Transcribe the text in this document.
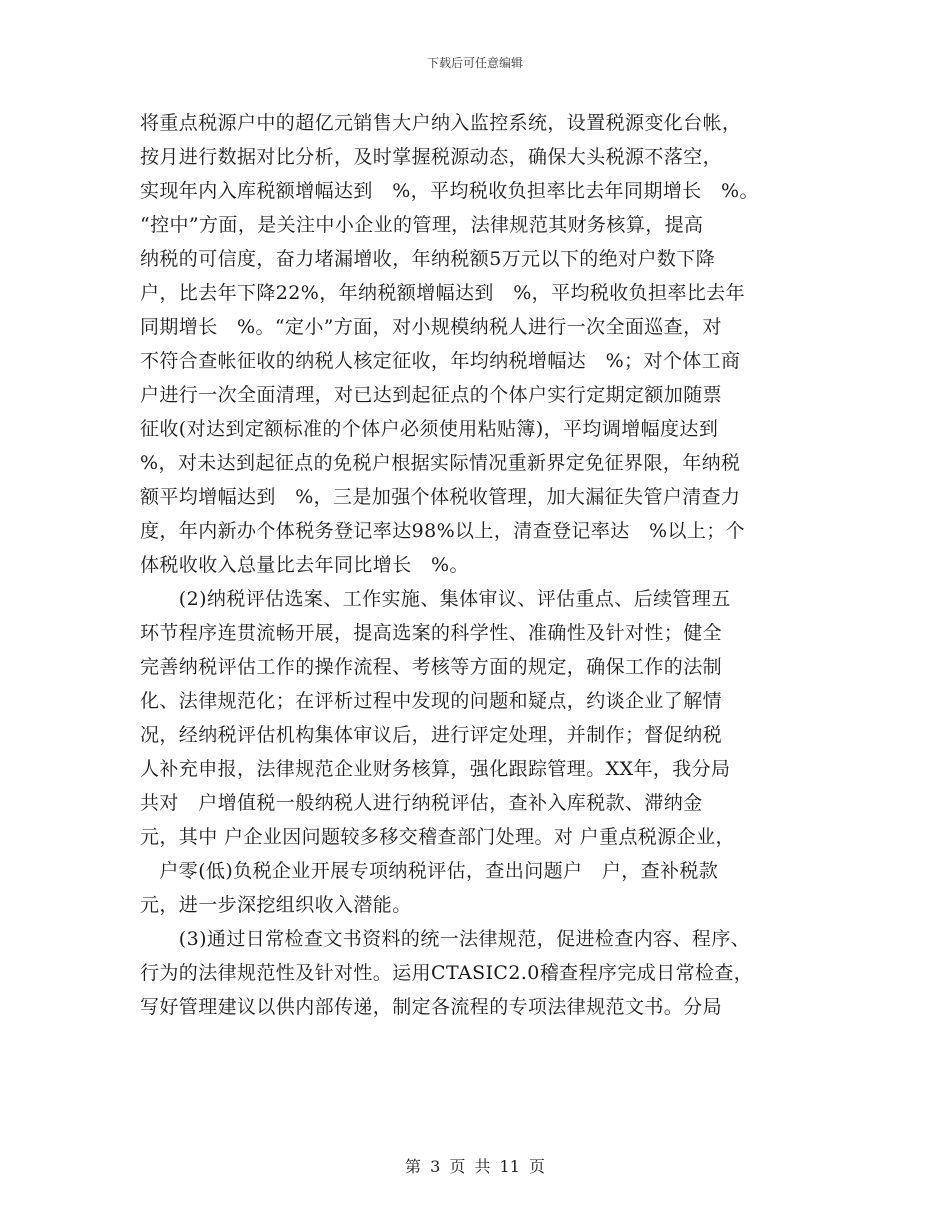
下载后可任意编辑
将重点税源户中的超亿元销售大户纳入监控系统，设置税源变化台帐，
按月进行数据对比分析，及时掌握税源动态，确保大头税源不落空，
实现年内入库税额增幅达到　%，平均税收负担率比去年同期增长　%。
“控中”方面，是关注中小企业的管理，法律规范其财务核算，提高
纳税的可信度，奋力堵漏增收，年纳税额5万元以下的绝对户数下降
户，比去年下降22%，年纳税额增幅达到　%，平均税收负担率比去年
同期增长　%。“定小”方面，对小规模纳税人进行一次全面巡查，对
不符合查帐征收的纳税人核定征收，年均纳税增幅达　%；对个体工商
户进行一次全面清理，对已达到起征点的个体户实行定期定额加随票
征收(对达到定额标准的个体户必须使用粘贴簿)，平均调增幅度达到
%，对未达到起征点的免税户根据实际情况重新界定免征界限，年纳税
额平均增幅达到　%，三是加强个体税收管理，加大漏征失管户清查力
度，年内新办个体税务登记率达98%以上，清查登记率达　%以上；个
体税收收入总量比去年同比增长　%。
　　(2)纳税评估选案、工作实施、集体审议、评估重点、后续管理五
环节程序连贯流畅开展，提高选案的科学性、准确性及针对性；健全
完善纳税评估工作的操作流程、考核等方面的规定，确保工作的法制
化、法律规范化；在评析过程中发现的问题和疑点，约谈企业了解情
况，经纳税评估机构集体审议后，进行评定处理，并制作；督促纳税
人补充申报，法律规范企业财务核算，强化跟踪管理。XX年，我分局
共对　户增值税一般纳税人进行纳税评估，查补入库税款、滞纳金
元，其中 户企业因问题较多移交稽查部门处理。对 户重点税源企业，
　户零(低)负税企业开展专项纳税评估，查出问题户　户，查补税款
元，进一步深挖组织收入潜能。
　　(3)通过日常检查文书资料的统一法律规范，促进检查内容、程序、
行为的法律规范性及针对性。运用CTASIC2.0稽查程序完成日常检查，
写好管理建议以供内部传递，制定各流程的专项法律规范文书。分局
第 3 页 共 11 页
